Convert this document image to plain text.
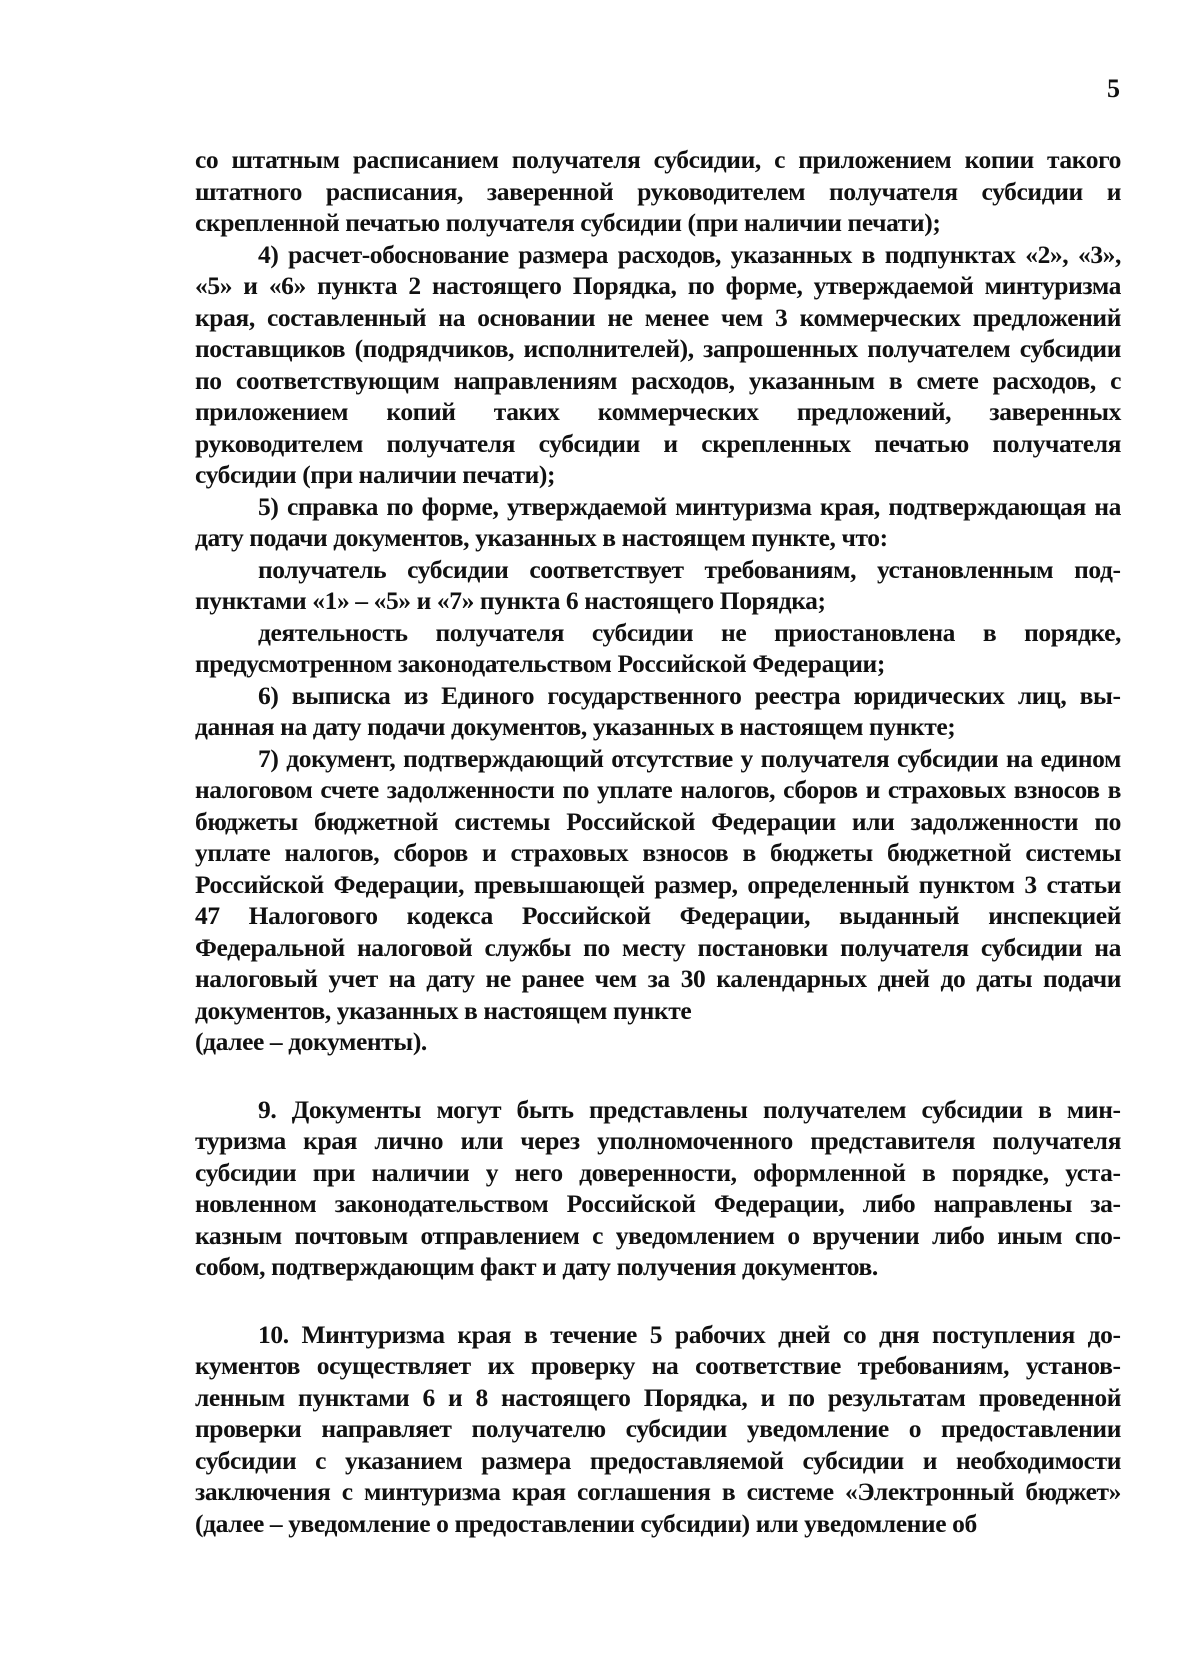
5

со штатным расписанием получателя субсидии, с приложением копии такого штатного расписания, заверенной руководителем получателя субсидии и скрепленной печатью получателя субсидии (при наличии печати);

4) расчет-обоснование размера расходов, указанных в подпунктах «2», «3», «5» и «6» пункта 2 настоящего Порядка, по форме, утверждаемой минтуризма края, составленный на основании не менее чем 3 коммерческих предложений поставщиков (подрядчиков, исполнителей), запрошенных получателем субсидии по соответствующим направлениям расходов, указанным в смете расходов, с приложением копий таких коммерческих предложений, заверенных руководителем получателя субсидии и скрепленных печатью получателя субсидии (при наличии печати);

5) справка по форме, утверждаемой минтуризма края, подтверждающая на дату подачи документов, указанных в настоящем пункте, что:

получатель субсидии соответствует требованиям, установленным подпунктами «1» – «5» и «7» пункта 6 настоящего Порядка;

деятельность получателя субсидии не приостановлена в порядке, предусмотренном законодательством Российской Федерации;

6) выписка из Единого государственного реестра юридических лиц, выданная на дату подачи документов, указанных в настоящем пункте;

7) документ, подтверждающий отсутствие у получателя субсидии на едином налоговом счете задолженности по уплате налогов, сборов и страховых взносов в бюджеты бюджетной системы Российской Федерации или задолженности по уплате налогов, сборов и страховых взносов в бюджеты бюджетной системы Российской Федерации, превышающей размер, определенный пунктом 3 статьи 47 Налогового кодекса Российской Федерации, выданный инспекцией Федеральной налоговой службы по месту постановки получателя субсидии на налоговый учет на дату не ранее чем за 30 календарных дней до даты подачи документов, указанных в настоящем пункте

(далее – документы).

9. Документы могут быть представлены получателем субсидии в минтуризма края лично или через уполномоченного представителя получателя субсидии при наличии у него доверенности, оформленной в порядке, установленном законодательством Российской Федерации, либо направлены заказным почтовым отправлением с уведомлением о вручении либо иным способом, подтверждающим факт и дату получения документов.

10. Минтуризма края в течение 5 рабочих дней со дня поступления документов осуществляет их проверку на соответствие требованиям, установленным пунктами 6 и 8 настоящего Порядка, и по результатам проведенной проверки направляет получателю субсидии уведомление о предоставлении субсидии с указанием размера предоставляемой субсидии и необходимости заключения с минтуризма края соглашения в системе «Электронный бюджет» (далее – уведомление о предоставлении субсидии) или уведомление об
